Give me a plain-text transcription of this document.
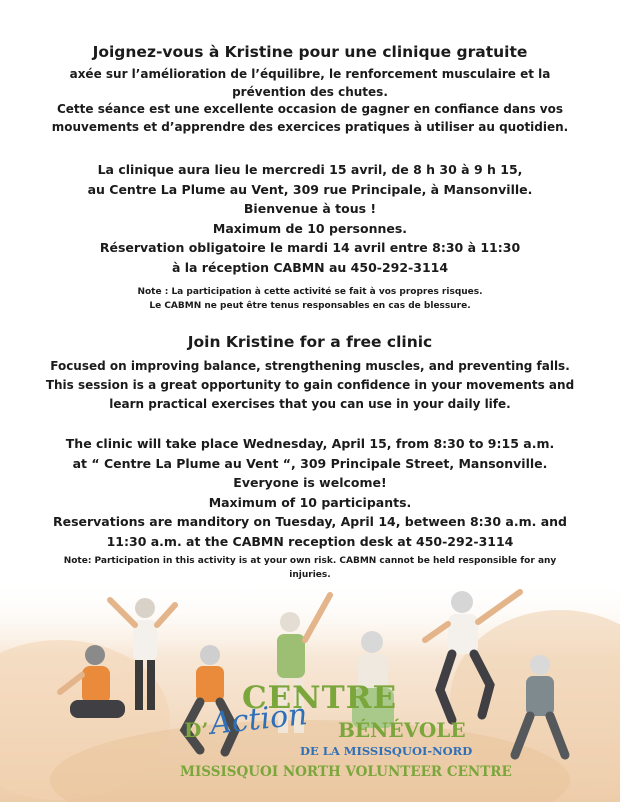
Joignez-vous à Kristine pour une clinique gratuite
axée sur l’amélioration de l’équilibre, le renforcement musculaire et la
prévention des chutes.
Cette séance est une excellente occasion de gagner en confiance dans vos
mouvements et d’apprendre des exercices pratiques à utiliser au quotidien.
La clinique aura lieu le mercredi 15 avril, de 8 h 30 à 9 h 15,
au Centre La Plume au Vent, 309 rue Principale, à Mansonville.
Bienvenue à tous !
Maximum de 10 personnes.
Réservation obligatoire le mardi 14 avril entre 8:30 à 11:30
à la réception CABMN au 450-292-3114
Note : La participation à cette activité se fait à vos propres risques.
Le CABMN ne peut être tenus responsables en cas de blessure.
Join Kristine for a free clinic
Focused on improving balance, strengthening muscles, and preventing falls.
This session is a great opportunity to gain confidence in your movements and
learn practical exercises that you can use in your daily life.
The clinic will take place Wednesday, April 15, from 8:30 to 9:15 a.m.
at “ Centre La Plume au Vent “, 309 Principale Street, Mansonville.
Everyone is welcome!
Maximum of 10 participants.
Reservations are manditory on Tuesday, April 14, between 8:30 a.m. and
11:30 a.m. at the CABMN reception desk at 450-292-3114
Note: Participation in this activity is at your own risk. CABMN cannot be held responsible for any
injuries.
CENTRE
D’ Action BÉNÉVOLE
DE LA MISSISQUOI-NORD
MISSISQUOI NORTH VOLUNTEER CENTRE
